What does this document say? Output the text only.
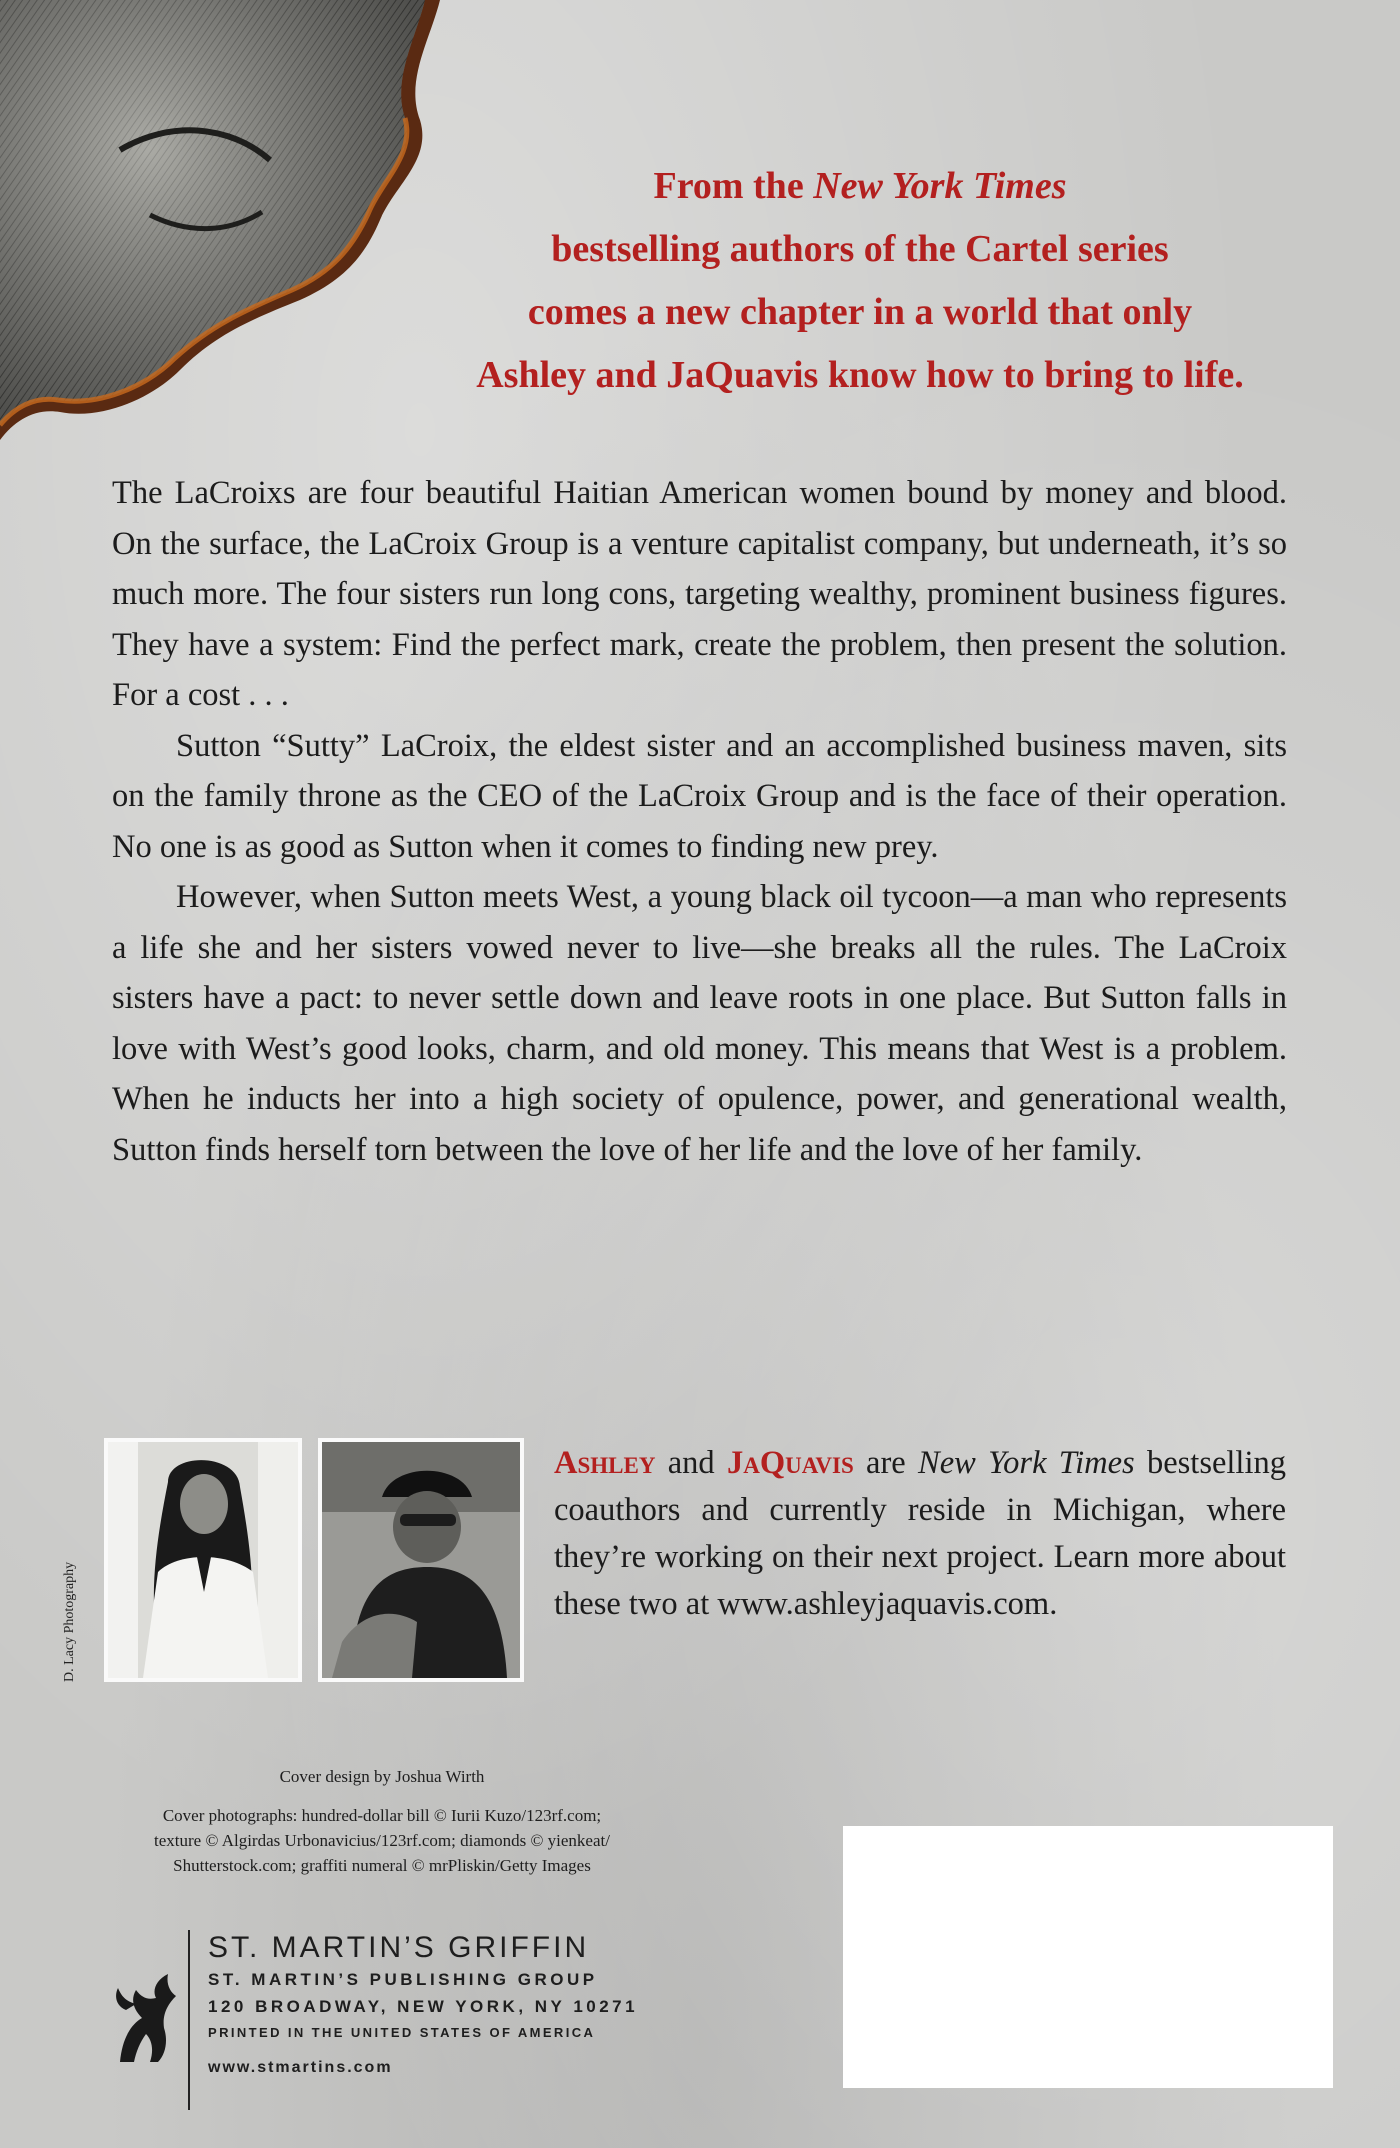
From the New York Times
bestselling authors of the Cartel series
comes a new chapter in a world that only
Ashley and JaQuavis know how to bring to life.

The LaCroixs are four beautiful Haitian American women bound by money and blood. On the surface, the LaCroix Group is a venture capitalist company, but underneath, it’s so much more. The four sisters run long cons, targeting wealthy, prominent business figures. They have a system: Find the perfect mark, create the problem, then present the solution. For a cost . . .

Sutton “Sutty” LaCroix, the eldest sister and an accomplished business maven, sits on the family throne as the CEO of the LaCroix Group and is the face of their operation. No one is as good as Sutton when it comes to finding new prey.

However, when Sutton meets West, a young black oil tycoon—a man who represents a life she and her sisters vowed never to live—she breaks all the rules. The LaCroix sisters have a pact: to never settle down and leave roots in one place. But Sutton falls in love with West’s good looks, charm, and old money. This means that West is a problem. When he inducts her into a high society of opulence, power, and generational wealth, Sutton finds herself torn between the love of her life and the love of her family.

D. Lacy Photography
Ashley and JaQuavis are New York Times bestselling coauthors and currently reside in Michigan, where they’re working on their next project. Learn more about these two at www.ashleyjaquavis.com.
Cover design by Joshua Wirth
Cover photographs: hundred-dollar bill © Iurii Kuzo/123rf.com;
texture © Algirdas Urbonavicius/123rf.com; diamonds © yienkeat/
Shutterstock.com; graffiti numeral © mrPliskin/Getty Images
ST. MARTIN’S GRIFFIN
ST. MARTIN’S PUBLISHING GROUP
120 BROADWAY, NEW YORK, NY 10271
PRINTED IN THE UNITED STATES OF AMERICA
www.stmartins.com
